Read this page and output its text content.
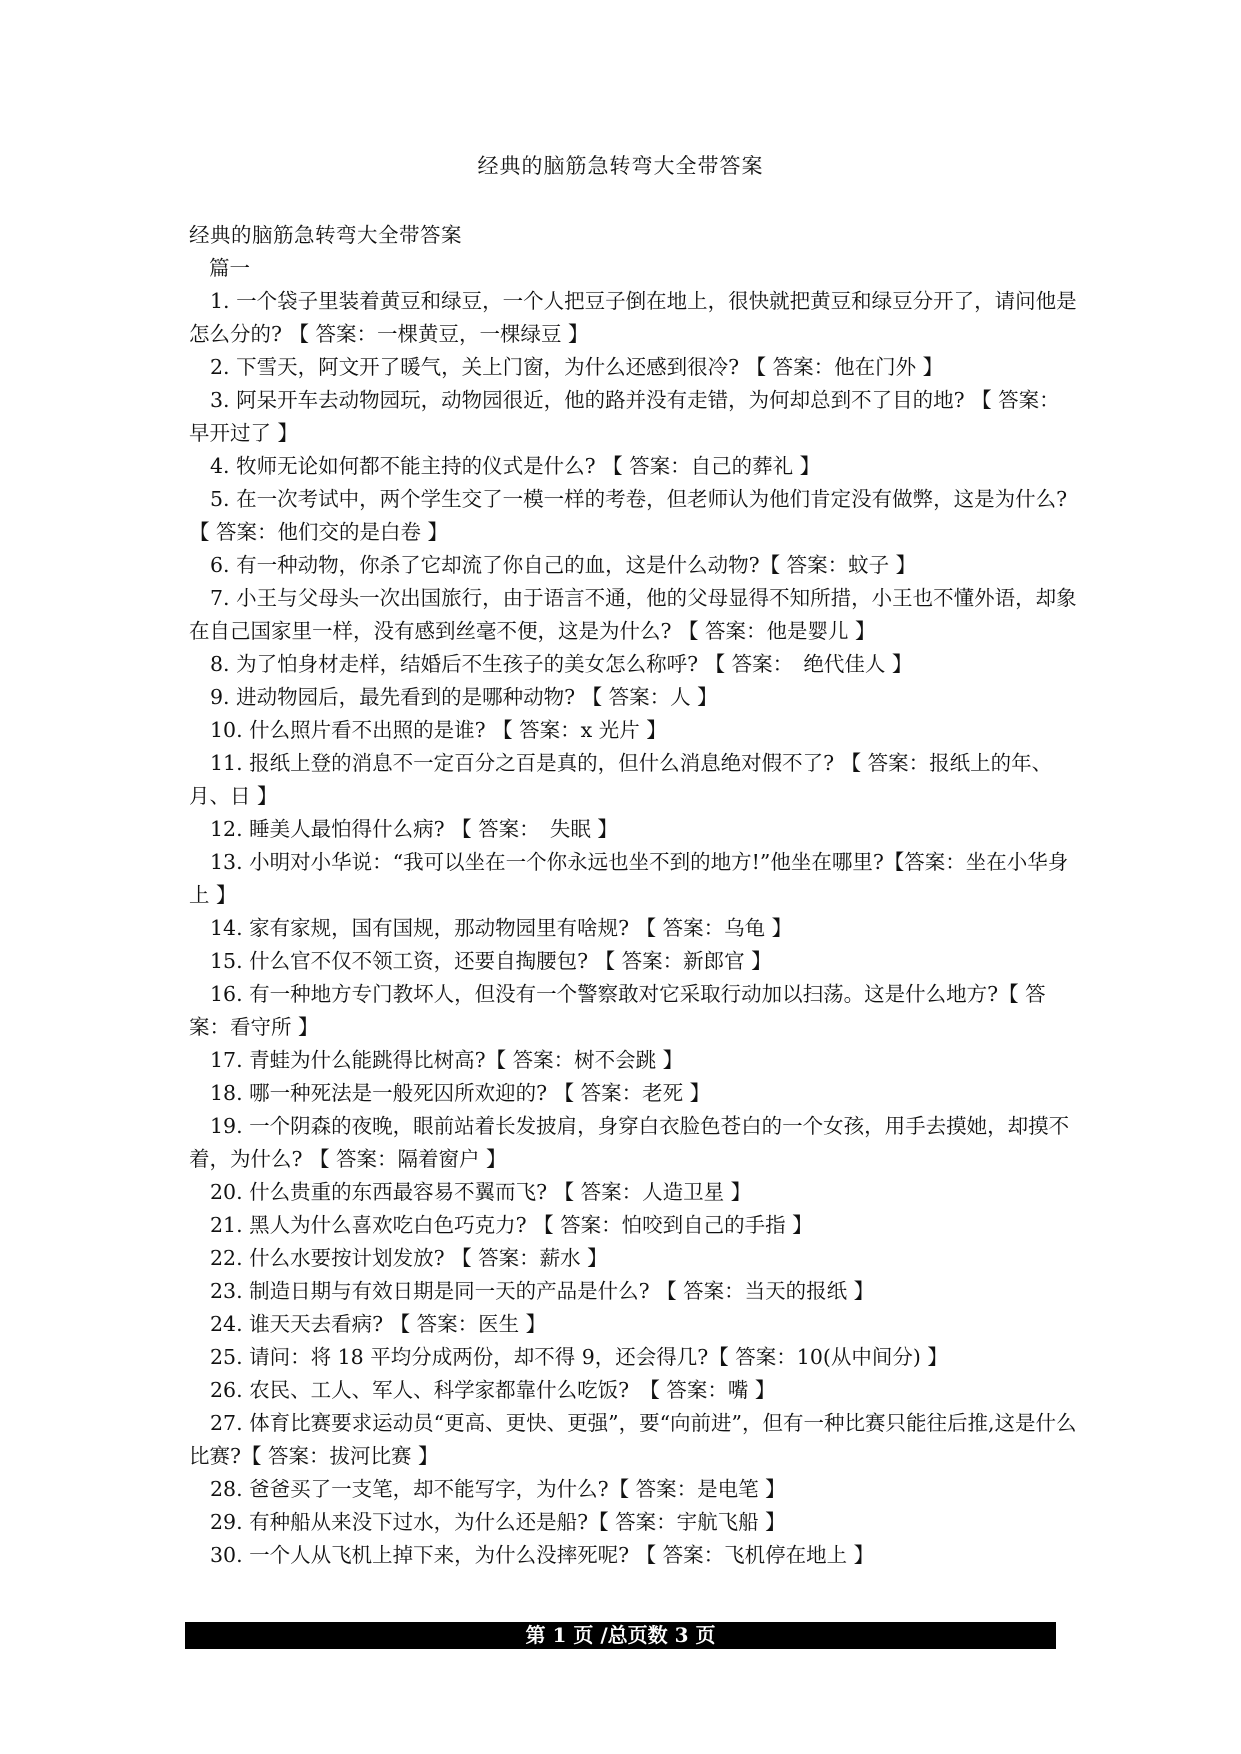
经典的脑筋急转弯大全带答案

经典的脑筋急转弯大全带答案

篇一

1. 一个袋子里装着黄豆和绿豆，一个人把豆子倒在地上，很快就把黄豆和绿豆分开了，请问他是怎么分的? 【 答案：一棵黄豆，一棵绿豆 】

2. 下雪天，阿文开了暖气，关上门窗，为什么还感到很冷? 【 答案：他在门外 】

3. 阿呆开车去动物园玩，动物园很近，他的路并没有走错，为何却总到不了目的地? 【 答案：早开过了 】

4. 牧师无论如何都不能主持的仪式是什么? 【 答案：自己的葬礼 】

5. 在一次考试中，两个学生交了一模一样的考卷，但老师认为他们肯定没有做弊，这是为什么? 【 答案：他们交的是白卷 】

6. 有一种动物，你杀了它却流了你自己的血，这是什么动物?【 答案：蚊子 】

7. 小王与父母头一次出国旅行，由于语言不通，他的父母显得不知所措，小王也不懂外语，却象在自己国家里一样，没有感到丝毫不便，这是为什么? 【 答案：他是婴儿 】

8. 为了怕身材走样，结婚后不生孩子的美女怎么称呼? 【 答案：　绝代佳人 】

9. 进动物园后，最先看到的是哪种动物? 【 答案：人 】

10. 什么照片看不出照的是谁? 【 答案：x 光片 】

11. 报纸上登的消息不一定百分之百是真的，但什么消息绝对假不了? 【 答案：报纸上的年、月、日 】

12. 睡美人最怕得什么病? 【 答案：　失眠 】

13. 小明对小华说：“我可以坐在一个你永远也坐不到的地方!”他坐在哪里?【答案：坐在小华身上 】

14. 家有家规，国有国规，那动物园里有啥规? 【 答案：乌龟 】

15. 什么官不仅不领工资，还要自掏腰包? 【 答案：新郎官 】

16. 有一种地方专门教坏人，但没有一个警察敢对它采取行动加以扫荡。这是什么地方?【 答案：看守所 】

17. 青蛙为什么能跳得比树高?【 答案：树不会跳 】

18. 哪一种死法是一般死囚所欢迎的? 【 答案：老死 】

19. 一个阴森的夜晚，眼前站着长发披肩，身穿白衣脸色苍白的一个女孩，用手去摸她，却摸不着，为什么? 【 答案：隔着窗户 】

20. 什么贵重的东西最容易不翼而飞? 【 答案：人造卫星 】

21. 黑人为什么喜欢吃白色巧克力? 【 答案：怕咬到自己的手指 】

22. 什么水要按计划发放? 【 答案：薪水 】

23. 制造日期与有效日期是同一天的产品是什么? 【 答案：当天的报纸 】

24. 谁天天去看病? 【 答案：医生 】

25. 请问：将 18 平均分成两份，却不得 9，还会得几?【 答案：10(从中间分) 】

26. 农民、工人、军人、科学家都靠什么吃饭?　【 答案：嘴 】

27. 体育比赛要求运动员“更高、更快、更强”，要“向前进”，但有一种比赛只能往后推,这是什么比赛?【 答案：拔河比赛 】

28. 爸爸买了一支笔，却不能写字，为什么?【 答案：是电笔 】

29. 有种船从来没下过水，为什么还是船?【 答案：宇航飞船 】

30. 一个人从飞机上掉下来，为什么没摔死呢? 【 答案：飞机停在地上 】

第 1 页 /总页数 3 页
